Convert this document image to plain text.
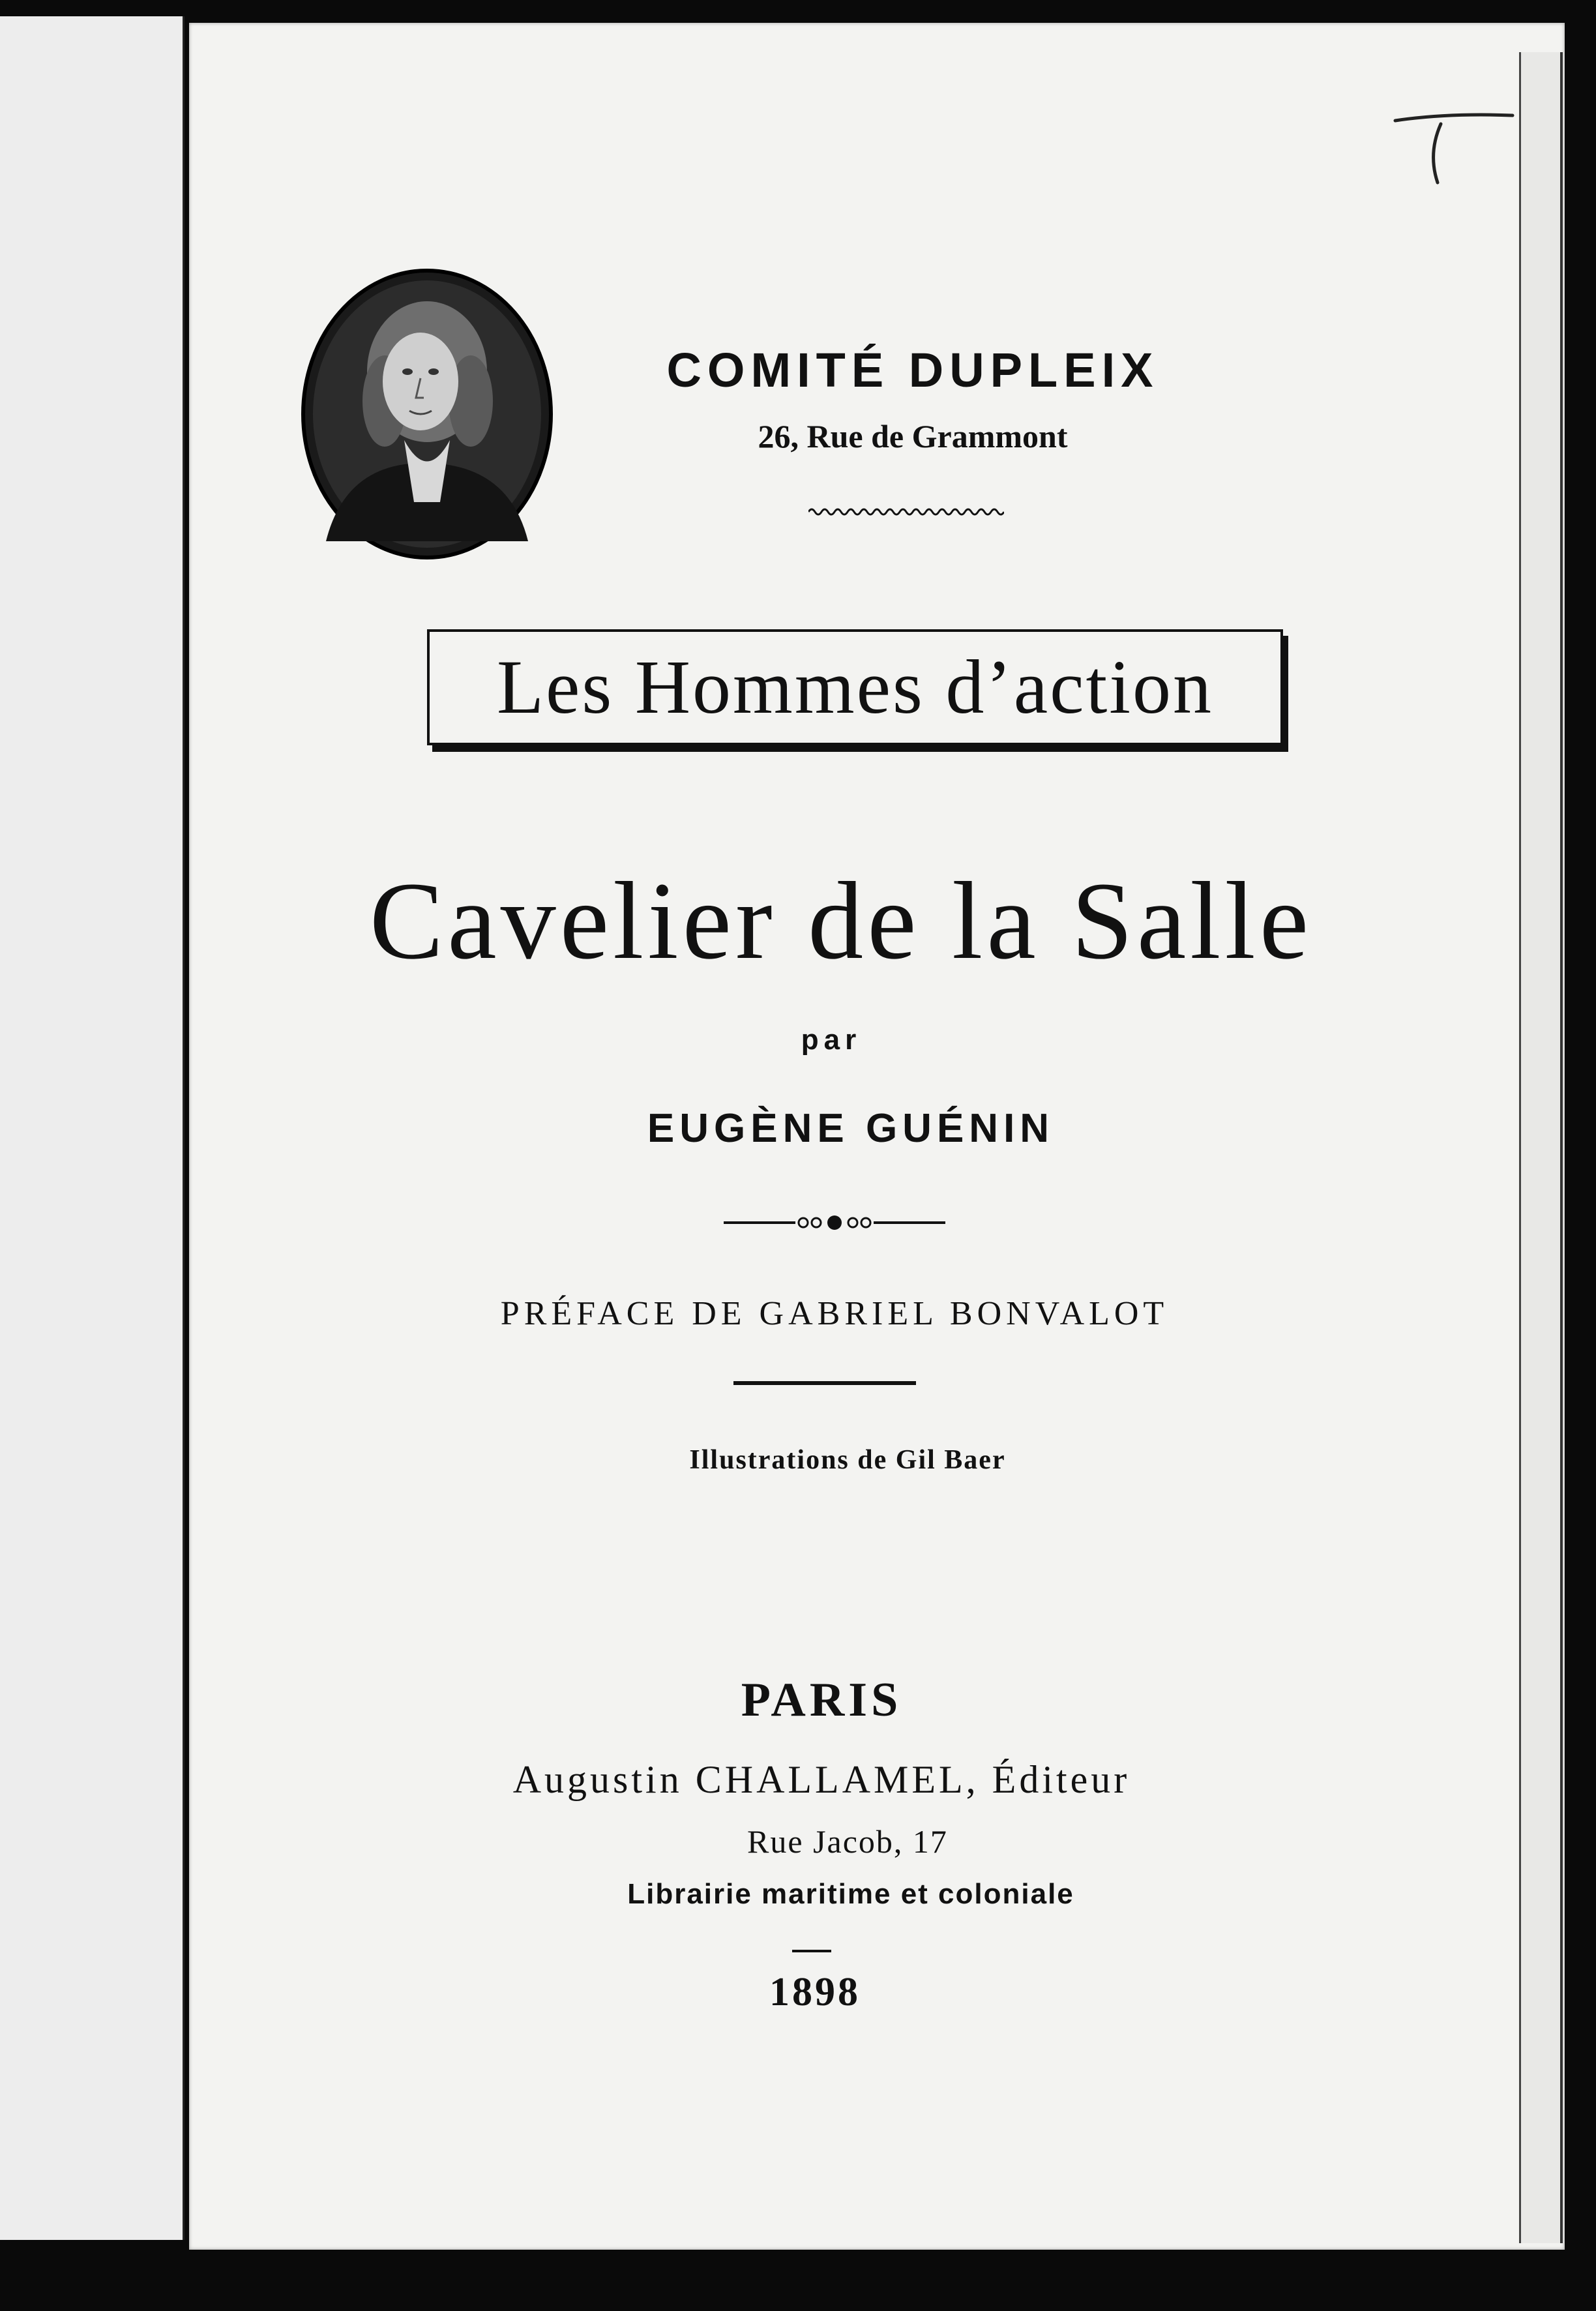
COMITÉ DUPLEIX
26, Rue de Grammont
Les Hommes d’action
Cavelier de la Salle
par
EUGÈNE GUÉNIN
PRÉFACE DE GABRIEL BONVALOT
Illustrations de Gil Baer
PARIS
Augustin CHALLAMEL, Éditeur
Rue Jacob, 17
Librairie maritime et coloniale
1898
